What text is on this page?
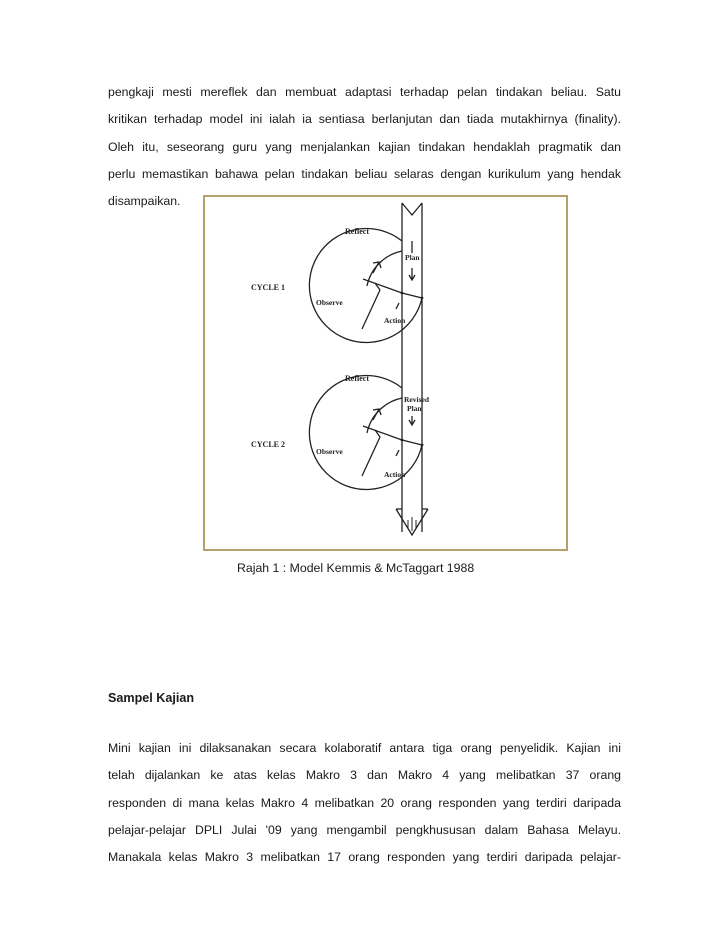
pengkaji mesti mereflek dan membuat adaptasi terhadap pelan tindakan beliau. Satu
kritikan terhadap model ini ialah ia sentiasa berlanjutan dan tiada mutakhirnya (finality).
Oleh itu, seseorang guru yang menjalankan kajian tindakan hendaklah pragmatik dan
perlu memastikan bahawa pelan tindakan beliau selaras dengan kurikulum yang hendak
disampaikan.
CYCLE 1
Reflect
Plan
Observe
Action
CYCLE 2
Reflect
Revised
Plan
Observe
Action
Rajah 1 : Model Kemmis & McTaggart 1988
Sampel Kajian
Mini kajian ini dilaksanakan secara kolaboratif antara tiga orang penyelidik. Kajian ini
telah dijalankan ke atas kelas Makro 3 dan Makro 4 yang melibatkan 37 orang
responden di mana kelas Makro 4 melibatkan 20 orang responden yang terdiri daripada
pelajar-pelajar DPLI Julai '09 yang mengambil pengkhususan dalam Bahasa Melayu.
Manakala kelas Makro 3 melibatkan 17 orang responden yang terdiri daripada pelajar-
